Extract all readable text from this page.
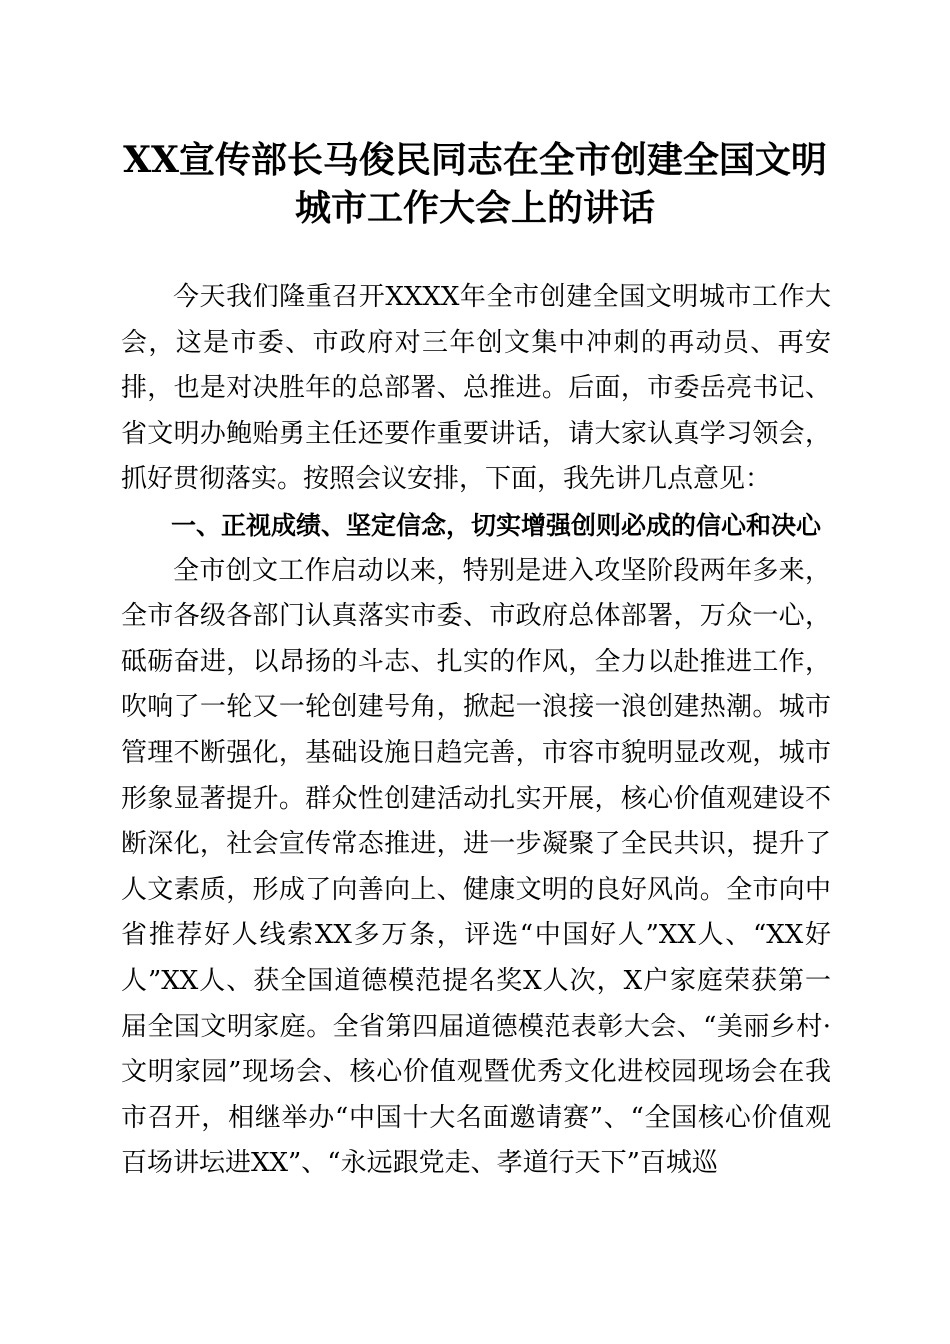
XX宣传部长马俊民同志在全市创建全国文明
城市工作大会上的讲话

今天我们隆重召开XXXX年全市创建全国文明城市工作大会，这是市委、市政府对三年创文集中冲刺的再动员、再安排，也是对决胜年的总部署、总推进。后面，市委岳亮书记、省文明办鲍贻勇主任还要作重要讲话，请大家认真学习领会，抓好贯彻落实。按照会议安排，下面，我先讲几点意见：

一、正视成绩、坚定信念，切实增强创则必成的信心和决心

全市创文工作启动以来，特别是进入攻坚阶段两年多来，全市各级各部门认真落实市委、市政府总体部署，万众一心，砥砺奋进，以昂扬的斗志、扎实的作风，全力以赴推进工作，吹响了一轮又一轮创建号角，掀起一浪接一浪创建热潮。城市管理不断强化，基础设施日趋完善，市容市貌明显改观，城市形象显著提升。群众性创建活动扎实开展，核心价值观建设不断深化，社会宣传常态推进，进一步凝聚了全民共识，提升了人文素质，形成了向善向上、健康文明的良好风尚。全市向中省推荐好人线索XX多万条，评选“中国好人”XX人、“XX好人”XX人、获全国道德模范提名奖X人次，X户家庭荣获第一届全国文明家庭。全省第四届道德模范表彰大会、“美丽乡村·文明家园”现场会、核心价值观暨优秀文化进校园现场会在我市召开，相继举办“中国十大名面邀请赛”、“全国核心价值观百场讲坛进XX”、“永远跟党走、孝道行天下”百城巡
